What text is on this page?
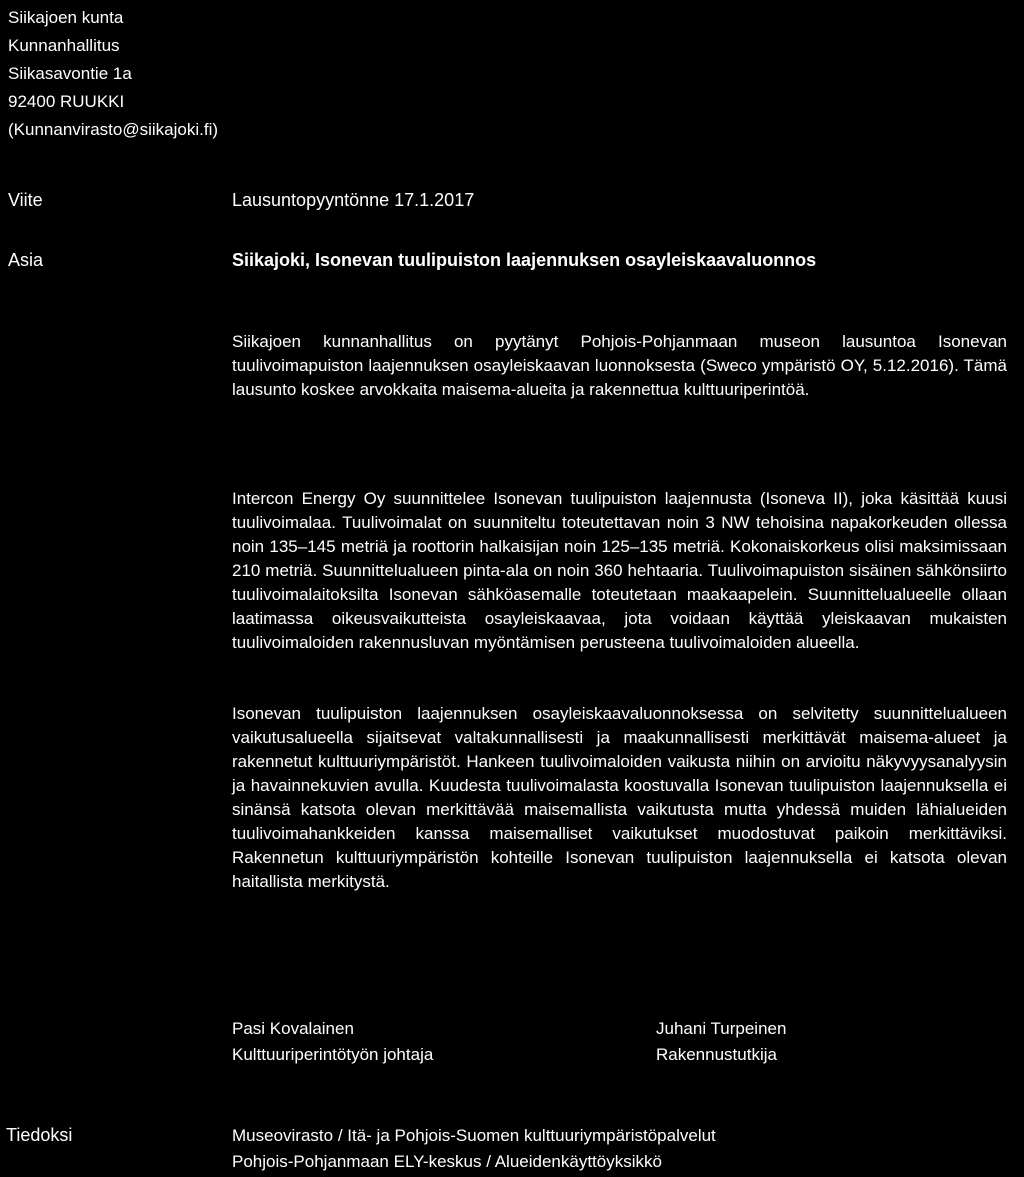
Siikajoen kunta
Kunnanhallitus
Siikasavontie 1a
92400 RUUKKI
(Kunnanvirasto@siikajoki.fi)
Viite	Lausuntopyyntönne 17.1.2017
Asia	Siikajoki, Isonevan tuulipuiston laajennuksen osayleiskaavaluonnos

Siikajoen kunnanhallitus on pyytänyt Pohjois-Pohjanmaan museon lausuntoa Isonevan tuulivoimapuiston laajennuksen osayleiskaavan luonnoksesta (Sweco ympäristö OY, 5.12.2016). Tämä lausunto koskee arvokkaita maisema-alueita ja rakennettua kulttuuriperintöä.

Intercon Energy Oy suunnittelee Isonevan tuulipuiston laajennusta (Isoneva II), joka käsittää kuusi tuulivoimalaa. Tuulivoimalat on suunniteltu toteutettavan noin 3 NW tehoisina napakorkeuden ollessa noin 135–145 metriä ja roottorin halkaisijan noin 125–135 metriä. Kokonaiskorkeus olisi maksimissaan 210 metriä. Suunnittelualueen pinta-ala on noin 360 hehtaaria. Tuulivoimapuiston sisäinen sähkönsiirto tuulivoimalaitoksilta Isonevan sähköasemalle toteutetaan maakaapelein. Suunnittelualueelle ollaan laatimassa oikeusvaikutteista osayleiskaavaa, jota voidaan käyttää yleiskaavan mukaisten tuulivoimaloiden rakennusluvan myöntämisen perusteena tuulivoimaloiden alueella.

Isonevan tuulipuiston laajennuksen osayleiskaavaluonnoksessa on selvitetty suunnittelualueen vaikutusalueella sijaitsevat valtakunnallisesti ja maakunnallisesti merkittävät maisema-alueet ja rakennetut kulttuuriympäristöt. Hankeen tuulivoimaloiden vaikusta niihin on arvioitu näkyvyysanalyysin ja havainnekuvien avulla. Kuudesta tuulivoimalasta koostuvalla Isonevan tuulipuiston laajennuksella ei sinänsä katsota olevan merkittävää maisemallista vaikutusta mutta yhdessä muiden lähialueiden tuulivoimahankkeiden kanssa maisemalliset vaikutukset muodostuvat paikoin merkittäviksi. Rakennetun kulttuuriympäristön kohteille Isonevan tuulipuiston laajennuksella ei katsota olevan haitallista merkitystä.

Pasi Kovalainen
Kulttuuriperintötyön johtaja
Juhani Turpeinen
Rakennustutkija
Tiedoksi	Museovirasto / Itä- ja Pohjois-Suomen kulttuuriympäristöpalvelut
Pohjois-Pohjanmaan ELY-keskus / Alueidenkäyttöyksikkö
